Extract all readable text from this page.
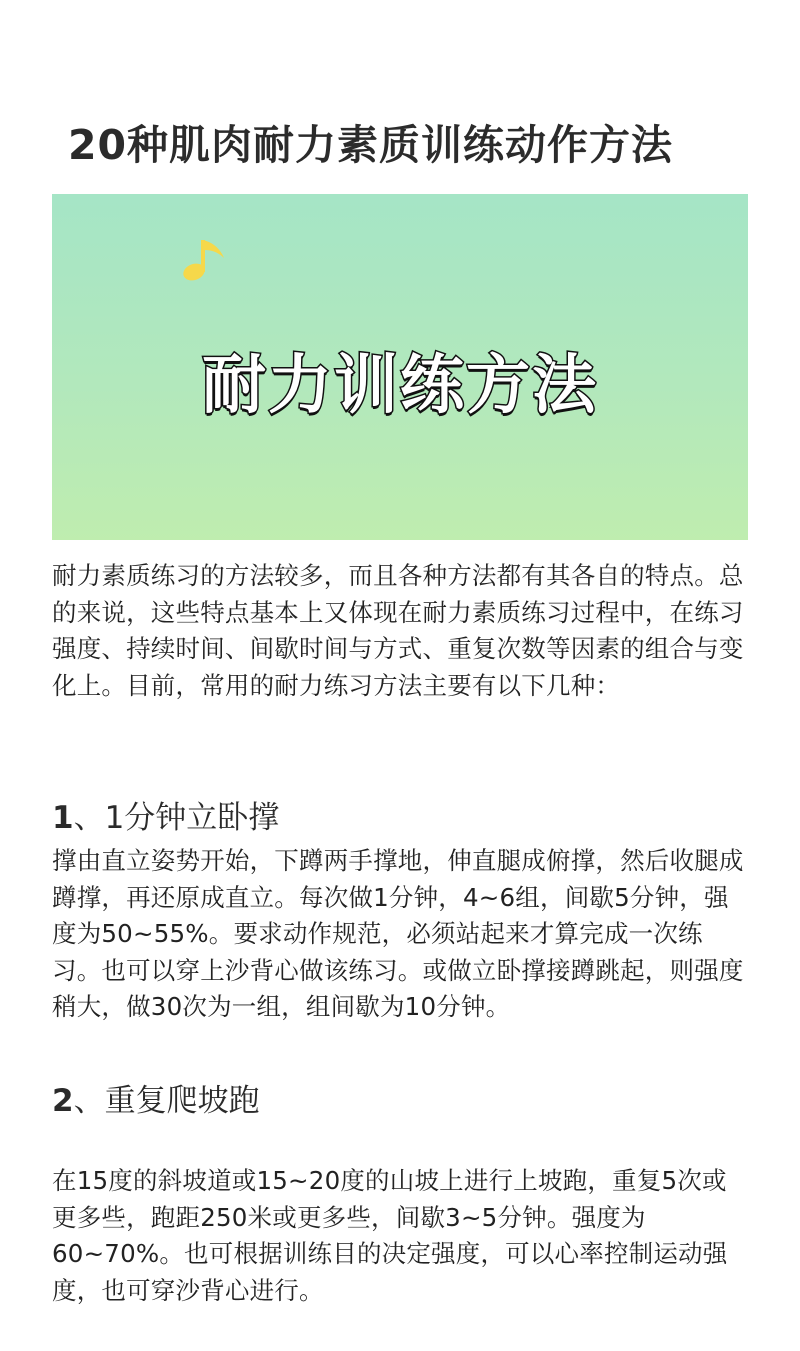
20种肌肉耐力素质训练动作方法
耐力训练方法

耐力素质练习的方法较多，而且各种方法都有其各自的特点。总的来说，这些特点基本上又体现在耐力素质练习过程中，在练习强度、持续时间、间歇时间与方式、重复次数等因素的组合与变化上。目前，常用的耐力练习方法主要有以下几种：

1、1分钟立卧撑

撑由直立姿势开始，下蹲两手撑地，伸直腿成俯撑，然后收腿成蹲撑，再还原成直立。每次做1分钟，4~6组，间歇5分钟，强度为50~55%。要求动作规范，必须站起来才算完成一次练习。也可以穿上沙背心做该练习。或做立卧撑接蹲跳起，则强度稍大，做30次为一组，组间歇为10分钟。

2、重复爬坡跑

在15度的斜坡道或15~20度的山坡上进行上坡跑，重复5次或更多些，跑距250米或更多些，间歇3~5分钟。强度为60~70%。也可根据训练目的决定强度，可以心率控制运动强度，也可穿沙背心进行。
